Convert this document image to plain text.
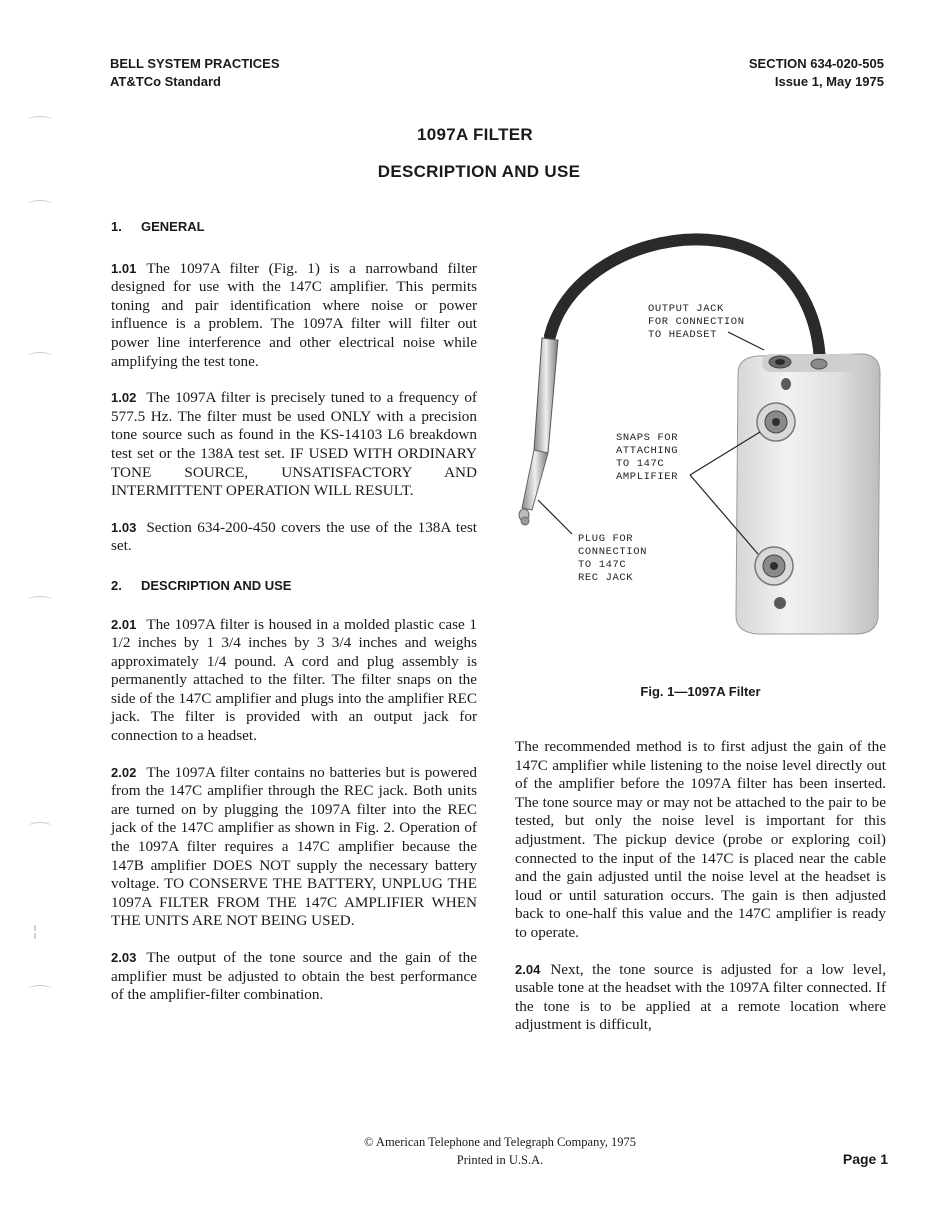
BELL SYSTEM PRACTICES
AT&TCo Standard
SECTION 634-020-505
Issue 1, May 1975
1097A FILTER
DESCRIPTION AND USE
1. GENERAL

1.01 The 1097A filter (Fig. 1) is a narrowband filter designed for use with the 147C amplifier. This permits toning and pair identification where noise or power influence is a problem. The 1097A filter will filter out power line interference and other electrical noise while amplifying the test tone.

1.02 The 1097A filter is precisely tuned to a frequency of 577.5 Hz. The filter must be used ONLY with a precision tone source such as found in the KS-14103 L6 breakdown test set or the 138A test set. IF USED WITH ORDINARY TONE SOURCE, UNSATISFACTORY AND INTERMITTENT OPERATION WILL RESULT.

1.03 Section 634-200-450 covers the use of the 138A test set.

2. DESCRIPTION AND USE

2.01 The 1097A filter is housed in a molded plastic case 1 1/2 inches by 1 3/4 inches by 3 3/4 inches and weighs approximately 1/4 pound. A cord and plug assembly is permanently attached to the filter. The filter snaps on the side of the 147C amplifier and plugs into the amplifier REC jack. The filter is provided with an output jack for connection to a headset.

2.02 The 1097A filter contains no batteries but is powered from the 147C amplifier through the REC jack. Both units are turned on by plugging the 1097A filter into the REC jack of the 147C amplifier as shown in Fig. 2. Operation of the 1097A filter requires a 147C amplifier because the 147B amplifier DOES NOT supply the necessary battery voltage. TO CONSERVE THE BATTERY, UNPLUG THE 1097A FILTER FROM THE 147C AMPLIFIER WHEN THE UNITS ARE NOT BEING USED.

2.03 The output of the tone source and the gain of the amplifier must be adjusted to obtain the best performance of the amplifier-filter combination.

OUTPUT JACK
FOR CONNECTION
TO HEADSET
SNAPS FOR
ATTACHING
TO 147C
AMPLIFIER
PLUG FOR
CONNECTION
TO 147C
REC JACK
Fig. 1—1097A Filter

The recommended method is to first adjust the gain of the 147C amplifier while listening to the noise level directly out of the amplifier before the 1097A filter has been inserted. The tone source may or may not be attached to the pair to be tested, but only the noise level is important for this adjustment. The pickup device (probe or exploring coil) connected to the input of the 147C is placed near the cable and the gain adjusted until the noise level at the headset is loud or until saturation occurs. The gain is then adjusted back to one-half this value and the 147C amplifier is ready to operate.

2.04 Next, the tone source is adjusted for a low level, usable tone at the headset with the 1097A filter connected. If the tone is to be applied at a remote location where adjustment is difficult,

© American Telephone and Telegraph Company, 1975
Printed in U.S.A.	Page 1
